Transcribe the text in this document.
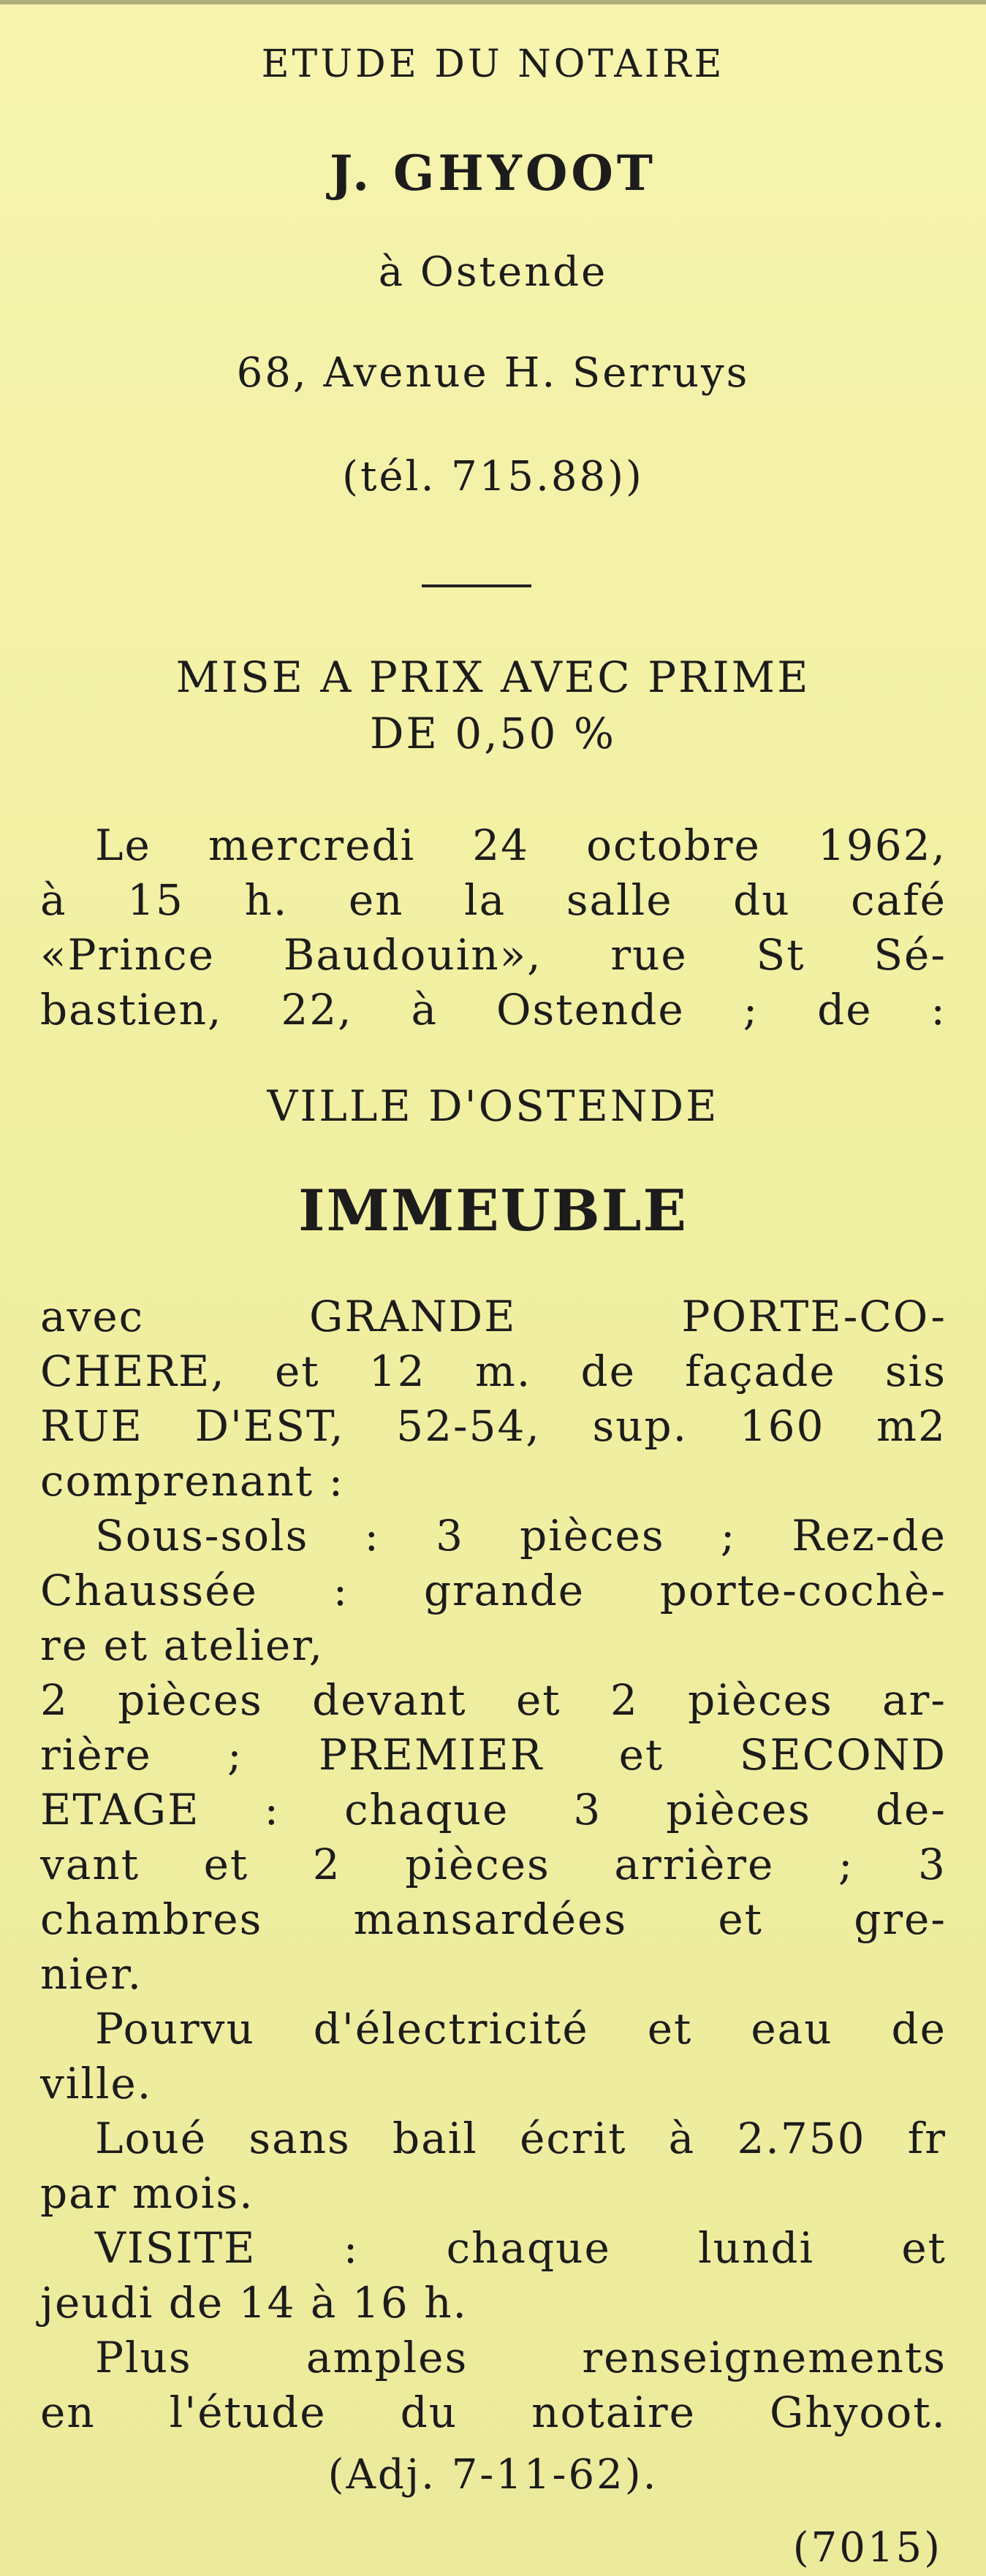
ETUDE DU NOTAIRE
J. GHYOOT
à Ostende
68, Avenue H. Serruys
(tél. 715.88))
MISE A PRIX AVEC PRIME
DE 0,50 %
Le mercredi 24 octobre 1962,
à 15 h. en la salle du café
«Prince Baudouin», rue St Sé-
bastien, 22, à Ostende ; de :
VILLE D'OSTENDE
IMMEUBLE
avec	GRANDE	PORTE-CO-
CHERE, et 12 m. de façade sis
RUE D'EST, 52-54, sup. 160 m2
comprenant :
Sous-sols : 3 pièces ; Rez-de
Chaussée : grande porte-cochè-
re et atelier,
2 pièces devant et 2 pièces ar-
rière ; PREMIER et SECOND
ETAGE : chaque 3 pièces de-
vant et 2 pièces arrière ; 3
chambres mansardées et gre-
nier.
Pourvu d'électricité et eau de
ville.
Loué sans bail écrit à 2.750 fr
par mois.
VISITE : chaque lundi et
jeudi de 14 à 16 h.
Plus	amples	renseignements
en l'étude du notaire Ghyoot.
(Adj. 7-11-62).
(7015)
